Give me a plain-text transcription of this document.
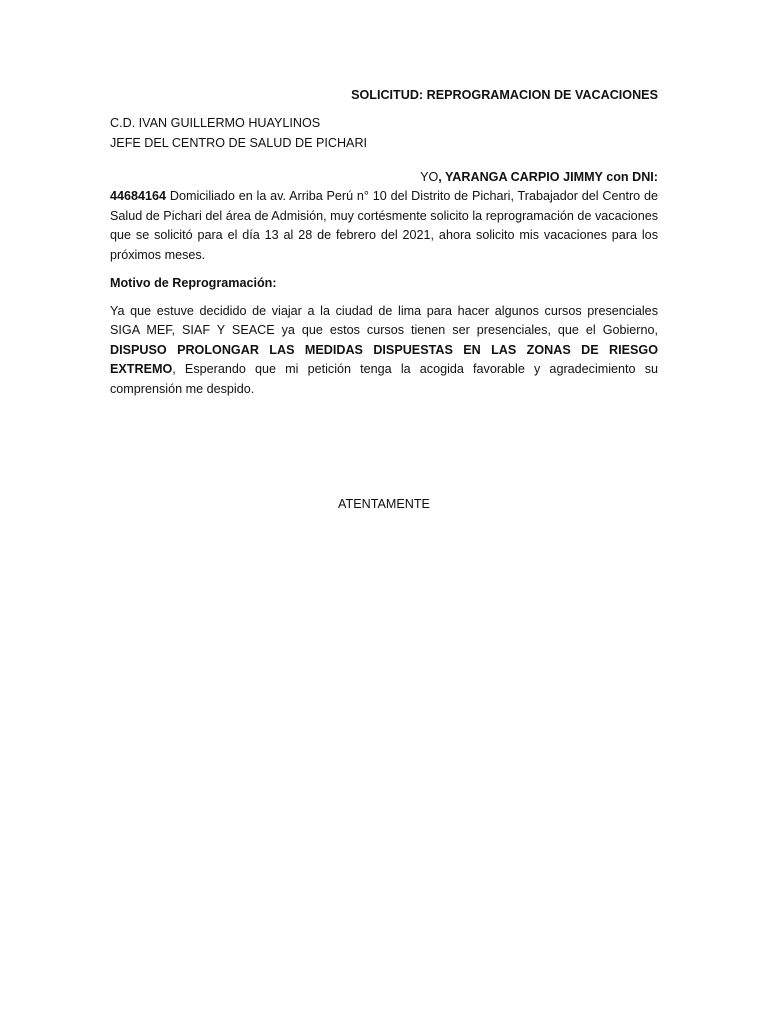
SOLICITUD: REPROGRAMACION DE VACACIONES
C.D. IVAN GUILLERMO HUAYLINOS
JEFE DEL CENTRO DE SALUD DE PICHARI
YO, YARANGA CARPIO JIMMY con DNI:
44684164 Domiciliado en la av. Arriba Perú n° 10 del Distrito de Pichari, Trabajador del Centro de Salud de Pichari del área de Admisión, muy cortésmente solicito la reprogramación de vacaciones que se solicitó para el día 13 al 28 de febrero del 2021, ahora solicito mis vacaciones para los próximos meses.
Motivo de Reprogramación:
Ya que estuve decidido de viajar a la ciudad de lima para hacer algunos cursos presenciales SIGA MEF, SIAF Y SEACE ya que estos cursos tienen ser presenciales, que el Gobierno, DISPUSO PROLONGAR LAS MEDIDAS DISPUESTAS EN LAS ZONAS DE RIESGO EXTREMO, Esperando que mi petición tenga la acogida favorable y agradecimiento su comprensión me despido.
ATENTAMENTE
